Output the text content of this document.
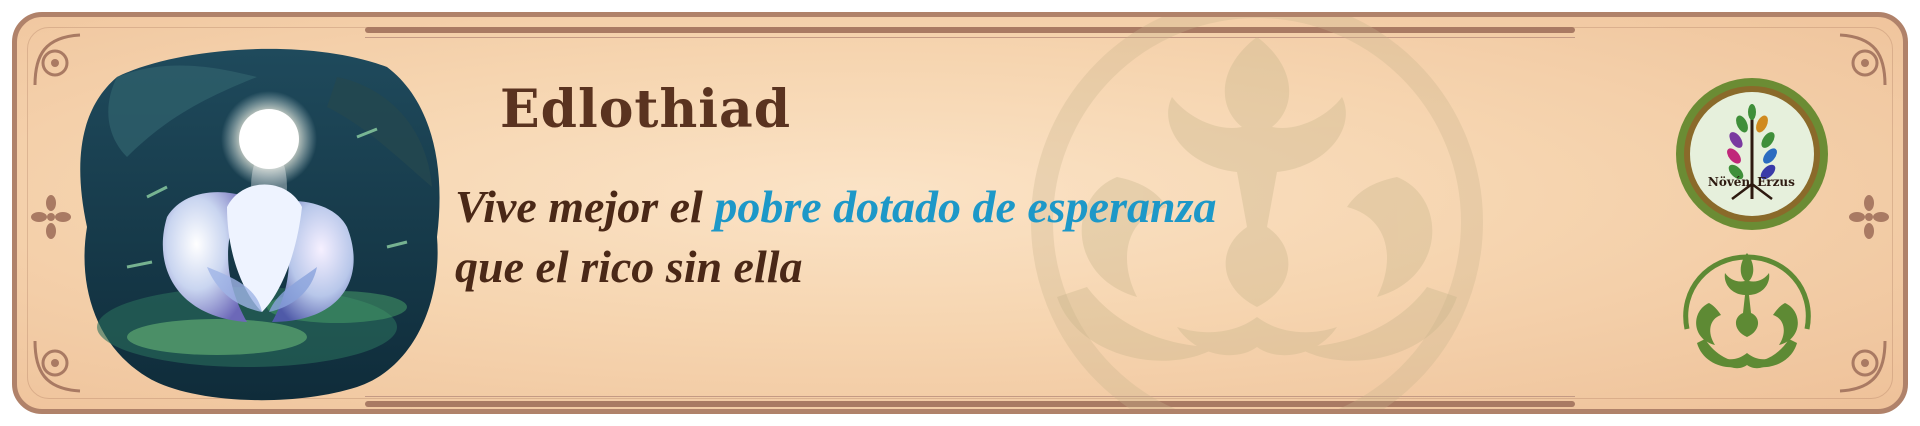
Edlothiad

Vive mejor el pobre dotado de esperanza
que el rico sin ella

Növén Erzus
